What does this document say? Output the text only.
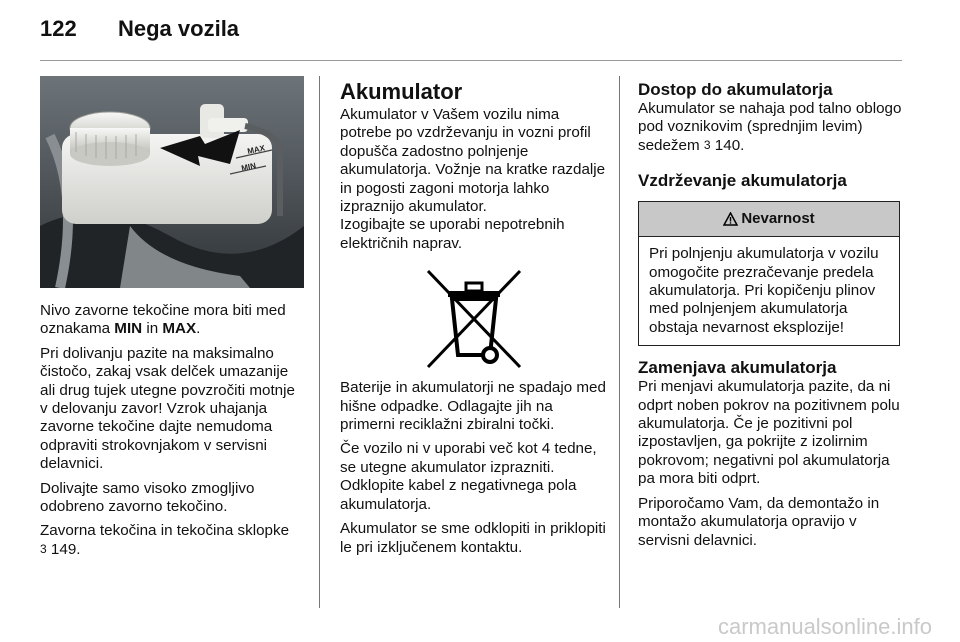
122	Nega vozila
MAX
MIN

Nivo zavorne tekočine mora biti med oznakama MIN in MAX.

Pri dolivanju pazite na maksimalno čistočo, zakaj vsak delček umazanije ali drug tujek utegne povzročiti motnje v delovanju zavor! Vzrok uhajanja zavorne tekočine dajte nemudoma odpraviti strokovnjakom v servisni delavnici.

Dolivajte samo visoko zmogljivo odobreno zavorno tekočino.

Zavorna tekočina in tekočina sklopke
3 149.

Akumulator

Akumulator v Vašem vozilu nima potrebe po vzdrževanju in vozni profil dopušča zadostno polnjenje akumulatorja. Vožnje na kratke razdalje in pogosti zagoni motorja lahko izpraznijo akumulator.

Izogibajte se uporabi nepotrebnih električnih naprav.

Baterije in akumulatorji ne spadajo med hišne odpadke. Odlagajte jih na primerni reciklažni zbiralni točki.

Če vozilo ni v uporabi več kot 4 tedne, se utegne akumulator izprazniti. Odklopite kabel z negativnega pola akumulatorja.

Akumulator se sme odklopiti in priklopiti le pri izključenem kontaktu.

Dostop do akumulatorja

Akumulator se nahaja pod talno oblogo pod voznikovim (sprednjim levim) sedežem 3 140.

Vzdrževanje akumulatorja
Nevarnost
Pri polnjenju akumulatorja v vozilu omogočite prezračevanje predela akumulatorja. Pri kopičenju plinov med polnjenjem akumulatorja obstaja nevarnost eksplozije!
Zamenjava akumulatorja

Pri menjavi akumulatorja pazite, da ni odprt noben pokrov na pozitivnem polu akumulatorja. Če je pozitivni pol izpostavljen, ga pokrijte z izolirnim pokrovom; negativni pol akumulatorja pa mora biti odprt.

Priporočamo Vam, da demontažo in montažo akumulatorja opravijo v servisni delavnici.

carmanualsonline.info
